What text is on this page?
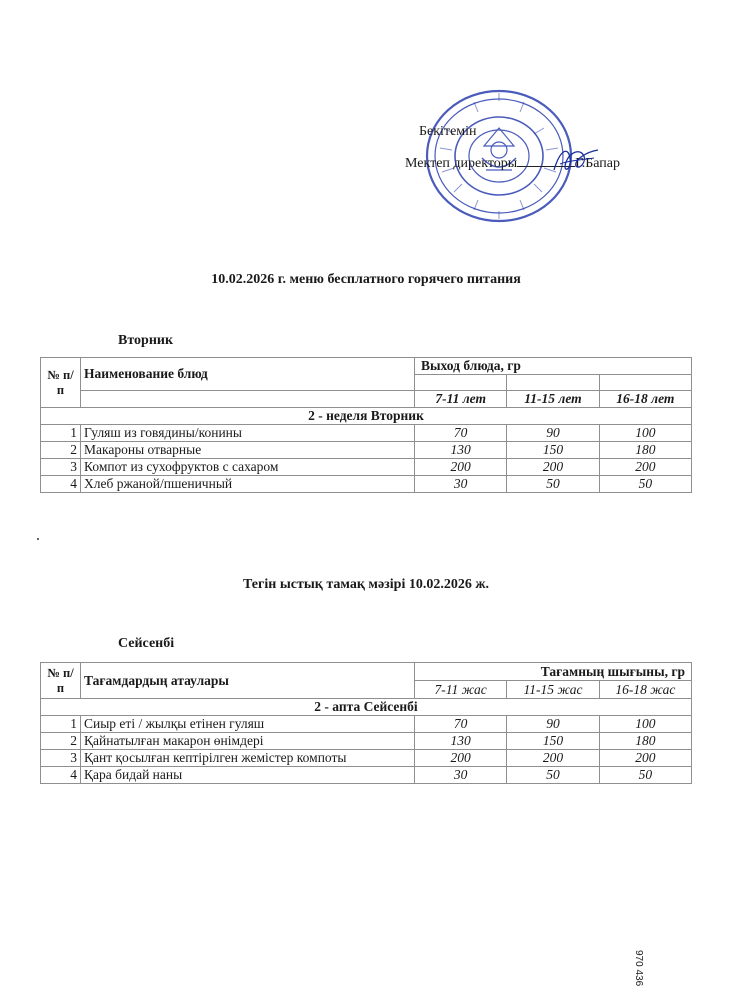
Бекітемін
Мектеп директоры	Г.Бапар
10.02.2026 г. меню бесплатного горячего питания
Вторник
№ п/п	Наименование блюд	Выход блюда, гр		

		7-11 лет	11-15 лет	16-18 лет
2 - неделя Вторник				
1	Гуляш из говядины/конины	70	90	100
2	Макароны отварные	130	150	180
3	Компот из сухофруктов с сахаром	200	200	200
4	Хлеб ржаной/пшеничный	30	50	50
Тегін ыстық тамақ мәзірі 10.02.2026 ж.
Сейсенбі
№ п/п	Тағамдардың атаулары	Тағамның шығыны, гр		
		7-11 жас	11-15 жас	16-18 жас
2 - апта Сейсенбі				
1	Сиыр еті / жылқы етінен гуляш	70	90	100
2	Қайнатылған макарон өнімдері	130	150	180
3	Қант қосылған кептірілген жемістер компоты	200	200	200
4	Қара бидай наны	30	50	50
970 436
